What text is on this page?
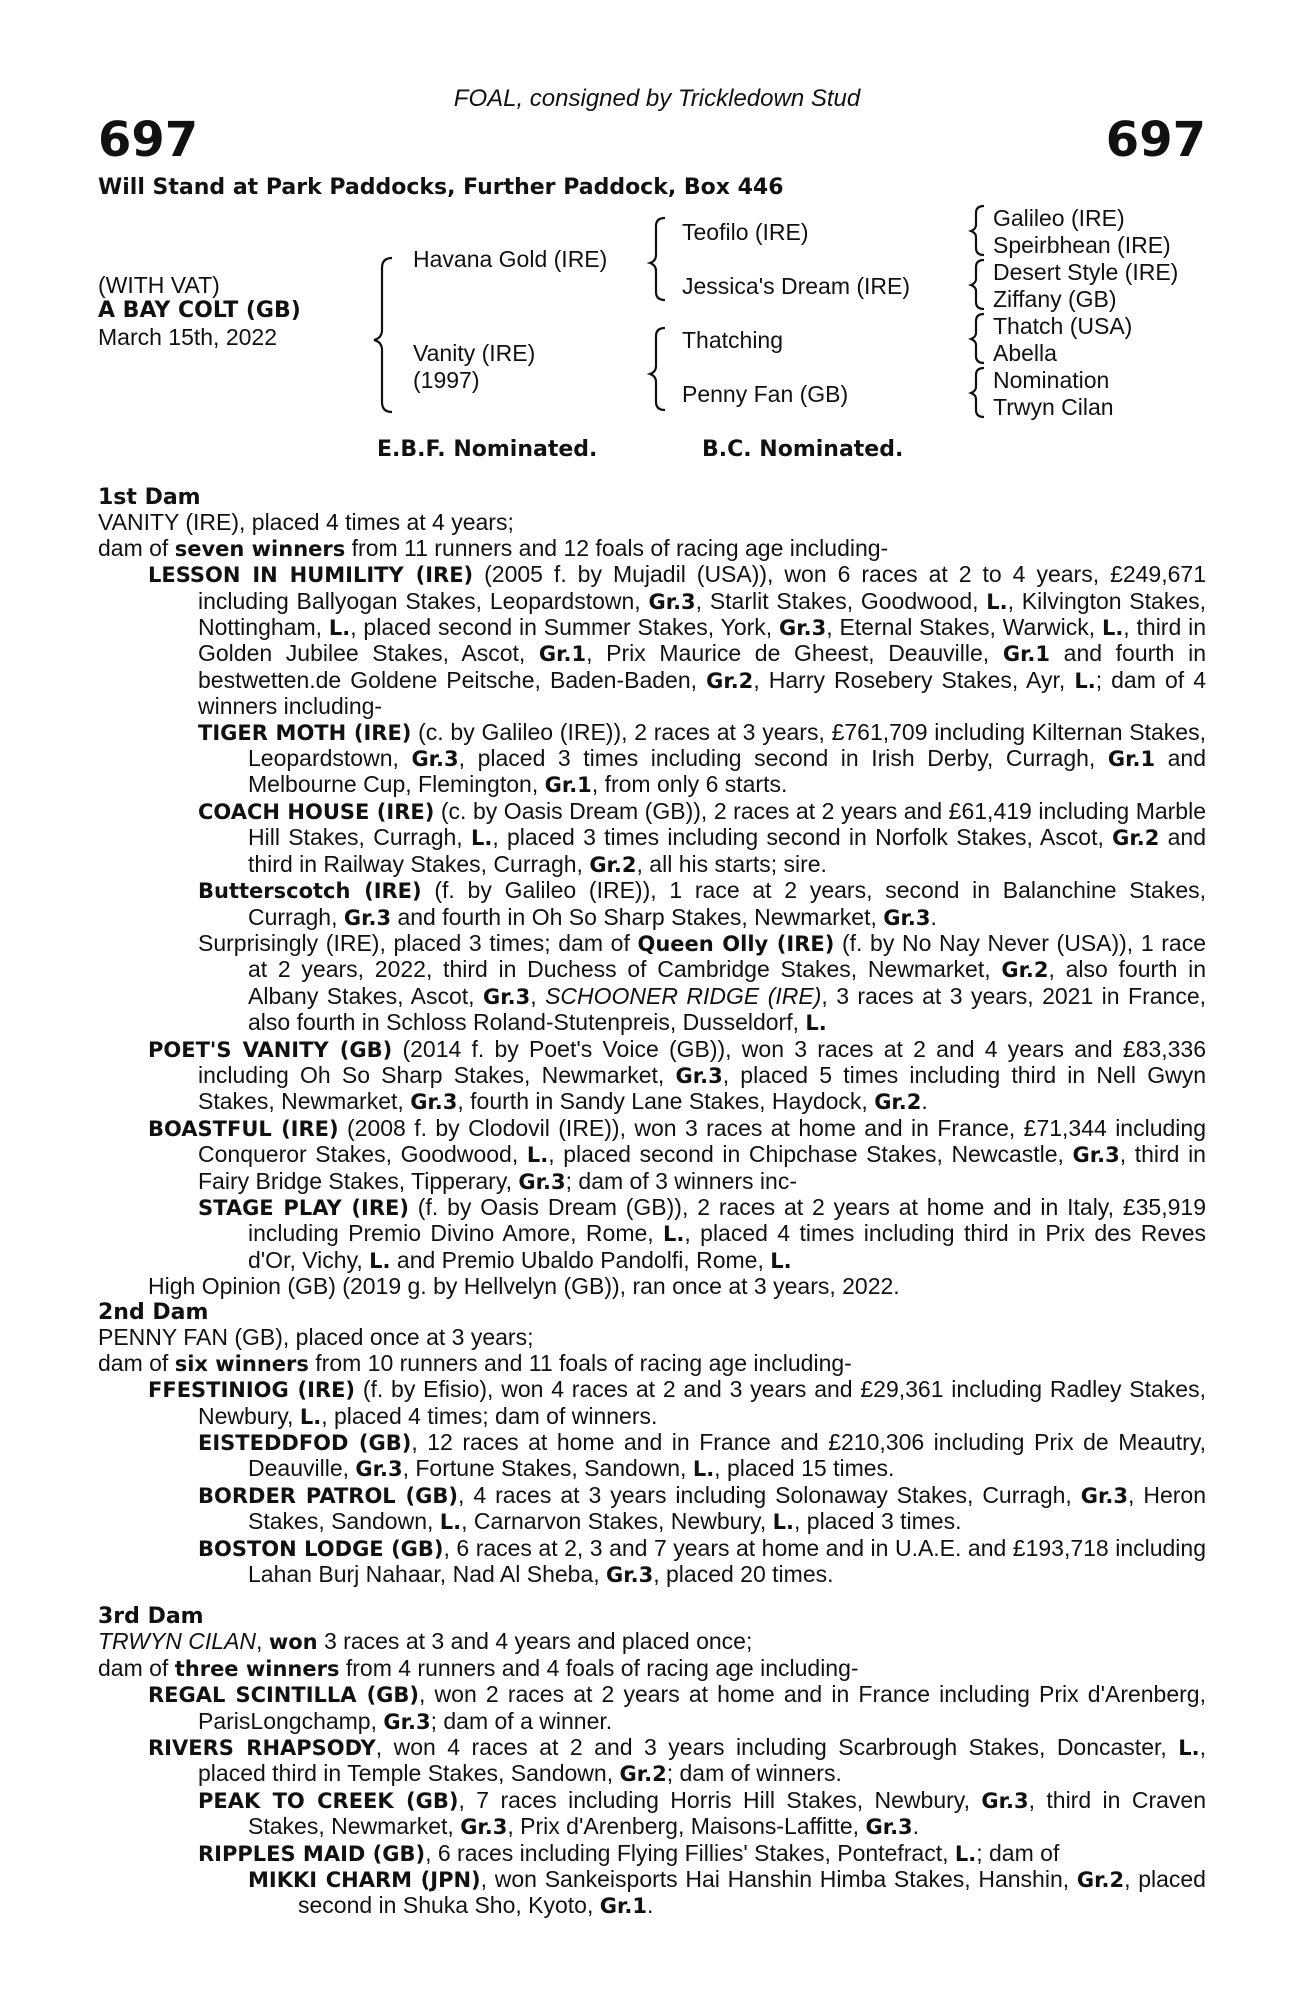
FOAL, consigned by Trickledown Stud
697	697
Will Stand at Park Paddocks, Further Paddock, Box 446
(WITH VAT)
A BAY COLT (GB)
March 15th, 2022
Havana Gold (IRE)
Vanity (IRE)
(1997)
Teofilo (IRE)
Jessica's Dream (IRE)
Thatching
Penny Fan (GB)
Galileo (IRE)
Speirbhean (IRE)
Desert Style (IRE)
Ziffany (GB)
Thatch (USA)
Abella
Nomination
Trwyn Cilan
E.B.F. Nominated.	B.C. Nominated.

1st Dam

VANITY (IRE), placed 4 times at 4 years;

dam of seven winners from 11 runners and 12 foals of racing age including-

LESSON IN HUMILITY (IRE) (2005 f. by Mujadil (USA)), won 6 races at 2 to 4 years, £249,671 including Ballyogan Stakes, Leopardstown, Gr.3, Starlit Stakes, Goodwood, L., Kilvington Stakes, Nottingham, L., placed second in Summer Stakes, York, Gr.3, Eternal Stakes, Warwick, L., third in Golden Jubilee Stakes, Ascot, Gr.1, Prix Maurice de Gheest, Deauville, Gr.1 and fourth in bestwetten.de Goldene Peitsche, Baden-Baden, Gr.2, Harry Rosebery Stakes, Ayr, L.; dam of 4 winners including-

TIGER MOTH (IRE) (c. by Galileo (IRE)), 2 races at 3 years, £761,709 including Kilternan Stakes, Leopardstown, Gr.3, placed 3 times including second in Irish Derby, Curragh, Gr.1 and Melbourne Cup, Flemington, Gr.1, from only 6 starts.

COACH HOUSE (IRE) (c. by Oasis Dream (GB)), 2 races at 2 years and £61,419 including Marble Hill Stakes, Curragh, L., placed 3 times including second in Norfolk Stakes, Ascot, Gr.2 and third in Railway Stakes, Curragh, Gr.2, all his starts; sire.

Butterscotch (IRE) (f. by Galileo (IRE)), 1 race at 2 years, second in Balanchine Stakes, Curragh, Gr.3 and fourth in Oh So Sharp Stakes, Newmarket, Gr.3.

Surprisingly (IRE), placed 3 times; dam of Queen Olly (IRE) (f. by No Nay Never (USA)), 1 race at 2 years, 2022, third in Duchess of Cambridge Stakes, Newmarket, Gr.2, also fourth in Albany Stakes, Ascot, Gr.3, SCHOONER RIDGE (IRE), 3 races at 3 years, 2021 in France, also fourth in Schloss Roland-Stutenpreis, Dusseldorf, L.

POET'S VANITY (GB) (2014 f. by Poet's Voice (GB)), won 3 races at 2 and 4 years and £83,336 including Oh So Sharp Stakes, Newmarket, Gr.3, placed 5 times including third in Nell Gwyn Stakes, Newmarket, Gr.3, fourth in Sandy Lane Stakes, Haydock, Gr.2.

BOASTFUL (IRE) (2008 f. by Clodovil (IRE)), won 3 races at home and in France, £71,344 including Conqueror Stakes, Goodwood, L., placed second in Chipchase Stakes, Newcastle, Gr.3, third in Fairy Bridge Stakes, Tipperary, Gr.3; dam of 3 winners inc-

STAGE PLAY (IRE) (f. by Oasis Dream (GB)), 2 races at 2 years at home and in Italy, £35,919 including Premio Divino Amore, Rome, L., placed 4 times including third in Prix des Reves d'Or, Vichy, L. and Premio Ubaldo Pandolfi, Rome, L.

High Opinion (GB) (2019 g. by Hellvelyn (GB)), ran once at 3 years, 2022.

2nd Dam

PENNY FAN (GB), placed once at 3 years;

dam of six winners from 10 runners and 11 foals of racing age including-

FFESTINIOG (IRE) (f. by Efisio), won 4 races at 2 and 3 years and £29,361 including Radley Stakes, Newbury, L., placed 4 times; dam of winners.

EISTEDDFOD (GB), 12 races at home and in France and £210,306 including Prix de Meautry, Deauville, Gr.3, Fortune Stakes, Sandown, L., placed 15 times.

BORDER PATROL (GB), 4 races at 3 years including Solonaway Stakes, Curragh, Gr.3, Heron Stakes, Sandown, L., Carnarvon Stakes, Newbury, L., placed 3 times.

BOSTON LODGE (GB), 6 races at 2, 3 and 7 years at home and in U.A.E. and £193,718 including Lahan Burj Nahaar, Nad Al Sheba, Gr.3, placed 20 times.

3rd Dam

TRWYN CILAN, won 3 races at 3 and 4 years and placed once;

dam of three winners from 4 runners and 4 foals of racing age including-

REGAL SCINTILLA (GB), won 2 races at 2 years at home and in France including Prix d'Arenberg, ParisLongchamp, Gr.3; dam of a winner.

RIVERS RHAPSODY, won 4 races at 2 and 3 years including Scarbrough Stakes, Doncaster, L., placed third in Temple Stakes, Sandown, Gr.2; dam of winners.

PEAK TO CREEK (GB), 7 races including Horris Hill Stakes, Newbury, Gr.3, third in Craven Stakes, Newmarket, Gr.3, Prix d'Arenberg, Maisons-Laffitte, Gr.3.

RIPPLES MAID (GB), 6 races including Flying Fillies' Stakes, Pontefract, L.; dam of

MIKKI CHARM (JPN), won Sankeisports Hai Hanshin Himba Stakes, Hanshin, Gr.2, placed second in Shuka Sho, Kyoto, Gr.1.
